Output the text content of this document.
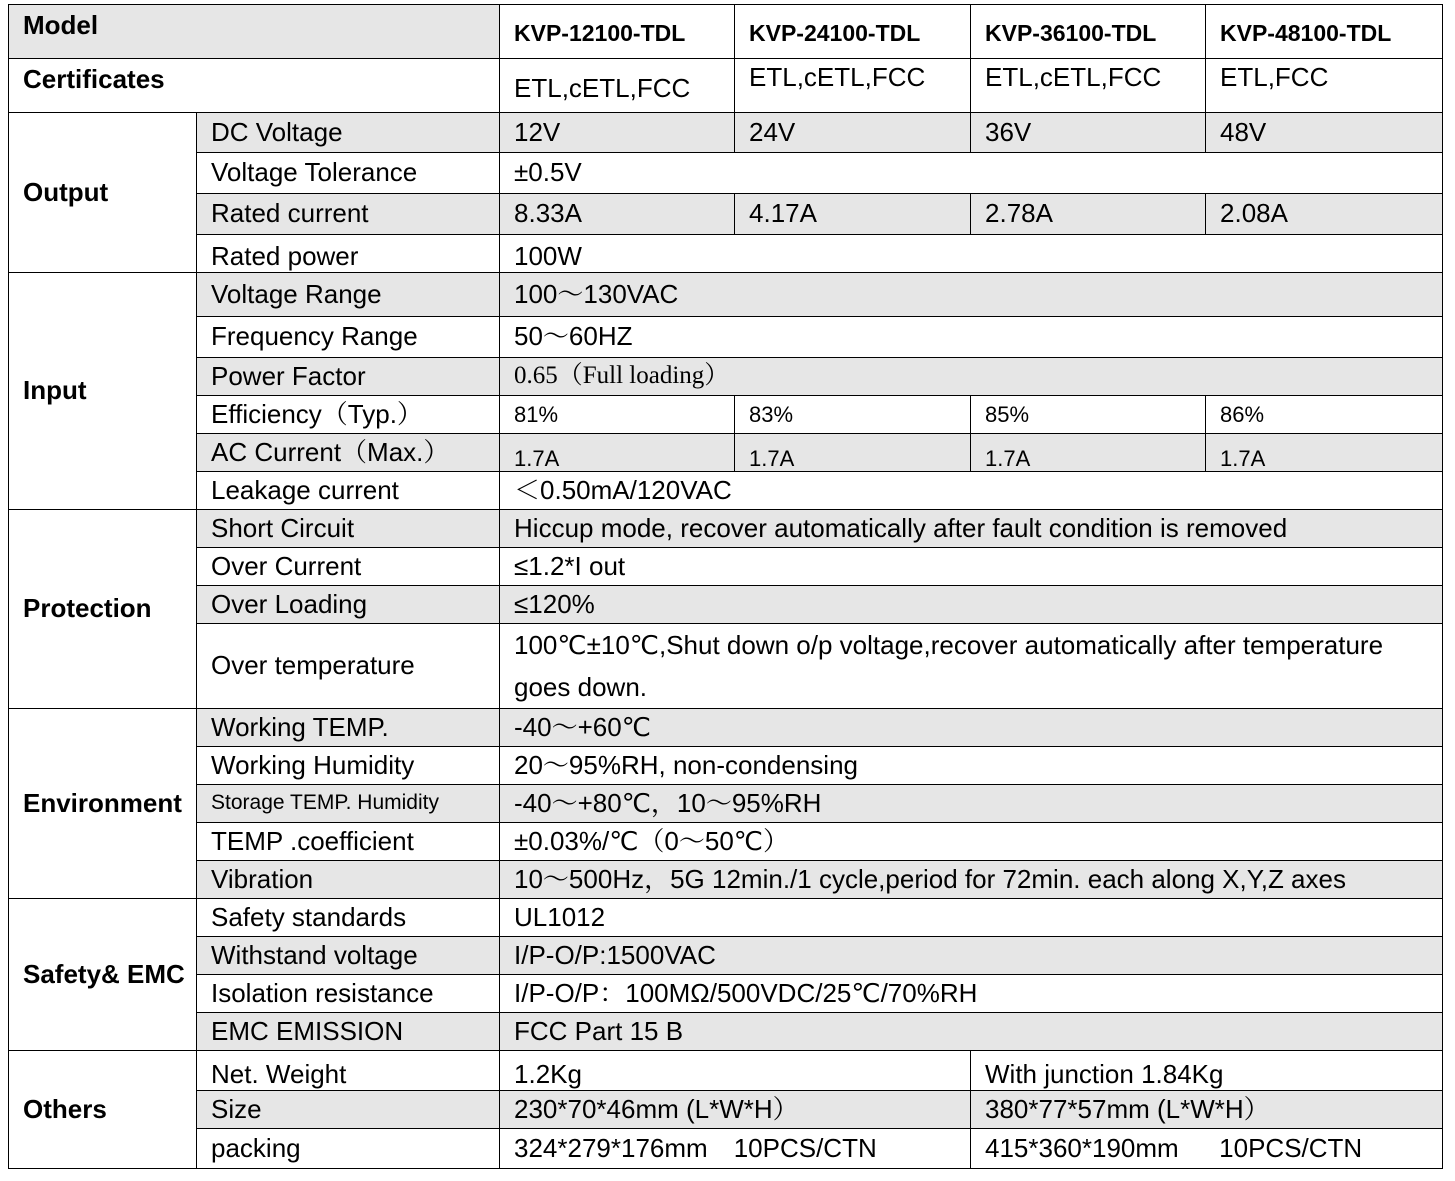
Model		KVP-12100-TDL	KVP-24100-TDL	KVP-36100-TDL	KVP-48100-TDL
Certificates		ETL,cETL,FCC	ETL,cETL,FCC	ETL,cETL,FCC	ETL,FCC
Output	DC Voltage	12V	24V	36V	48V
	Voltage Tolerance	±0.5V			
	Rated current	8.33A	4.17A	2.78A	2.08A
	Rated power	100W			
Input	Voltage Range	100～130VAC			
	Frequency Range	50～60HZ			
	Power Factor	0.65（Full loading）			
	Efficiency（Typ.）	81%	83%	85%	86%
	AC Current（Max.）	1.7A	1.7A	1.7A	1.7A
	Leakage current	＜0.50mA/120VAC			
Protection	Short Circuit	Hiccup mode, recover automatically after fault condition is removed			
	Over Current	≤1.2*I out			
	Over Loading	≤120%			
	Over temperature	100℃±10℃,Shut down o/p voltage,recover automatically after temperature goes down.			
Environment	Working TEMP.	-40～+60℃			
	Working Humidity	20～95%RH, non-condensing			
	Storage TEMP. Humidity	-40～+80℃，10～95%RH			
	TEMP .coefficient	±0.03%/℃（0～50℃）			
	Vibration	10～500Hz，5G 12min./1 cycle,period for 72min. each along X,Y,Z axes			
Safety& EMC	Safety standards	UL1012			
	Withstand voltage	I/P-O/P:1500VAC			
	Isolation resistance	I/P-O/P：100MΩ/500VDC/25℃/70%RH			
	EMC EMISSION	FCC Part 15 B			
Others	Net. Weight	1.2Kg		With junction 1.84Kg	
	Size	230*70*46mm (L*W*H）		380*77*57mm (L*W*H）	
	packing	324*279*176mm　10PCS/CTN		415*360*190mm　  10PCS/CTN	
